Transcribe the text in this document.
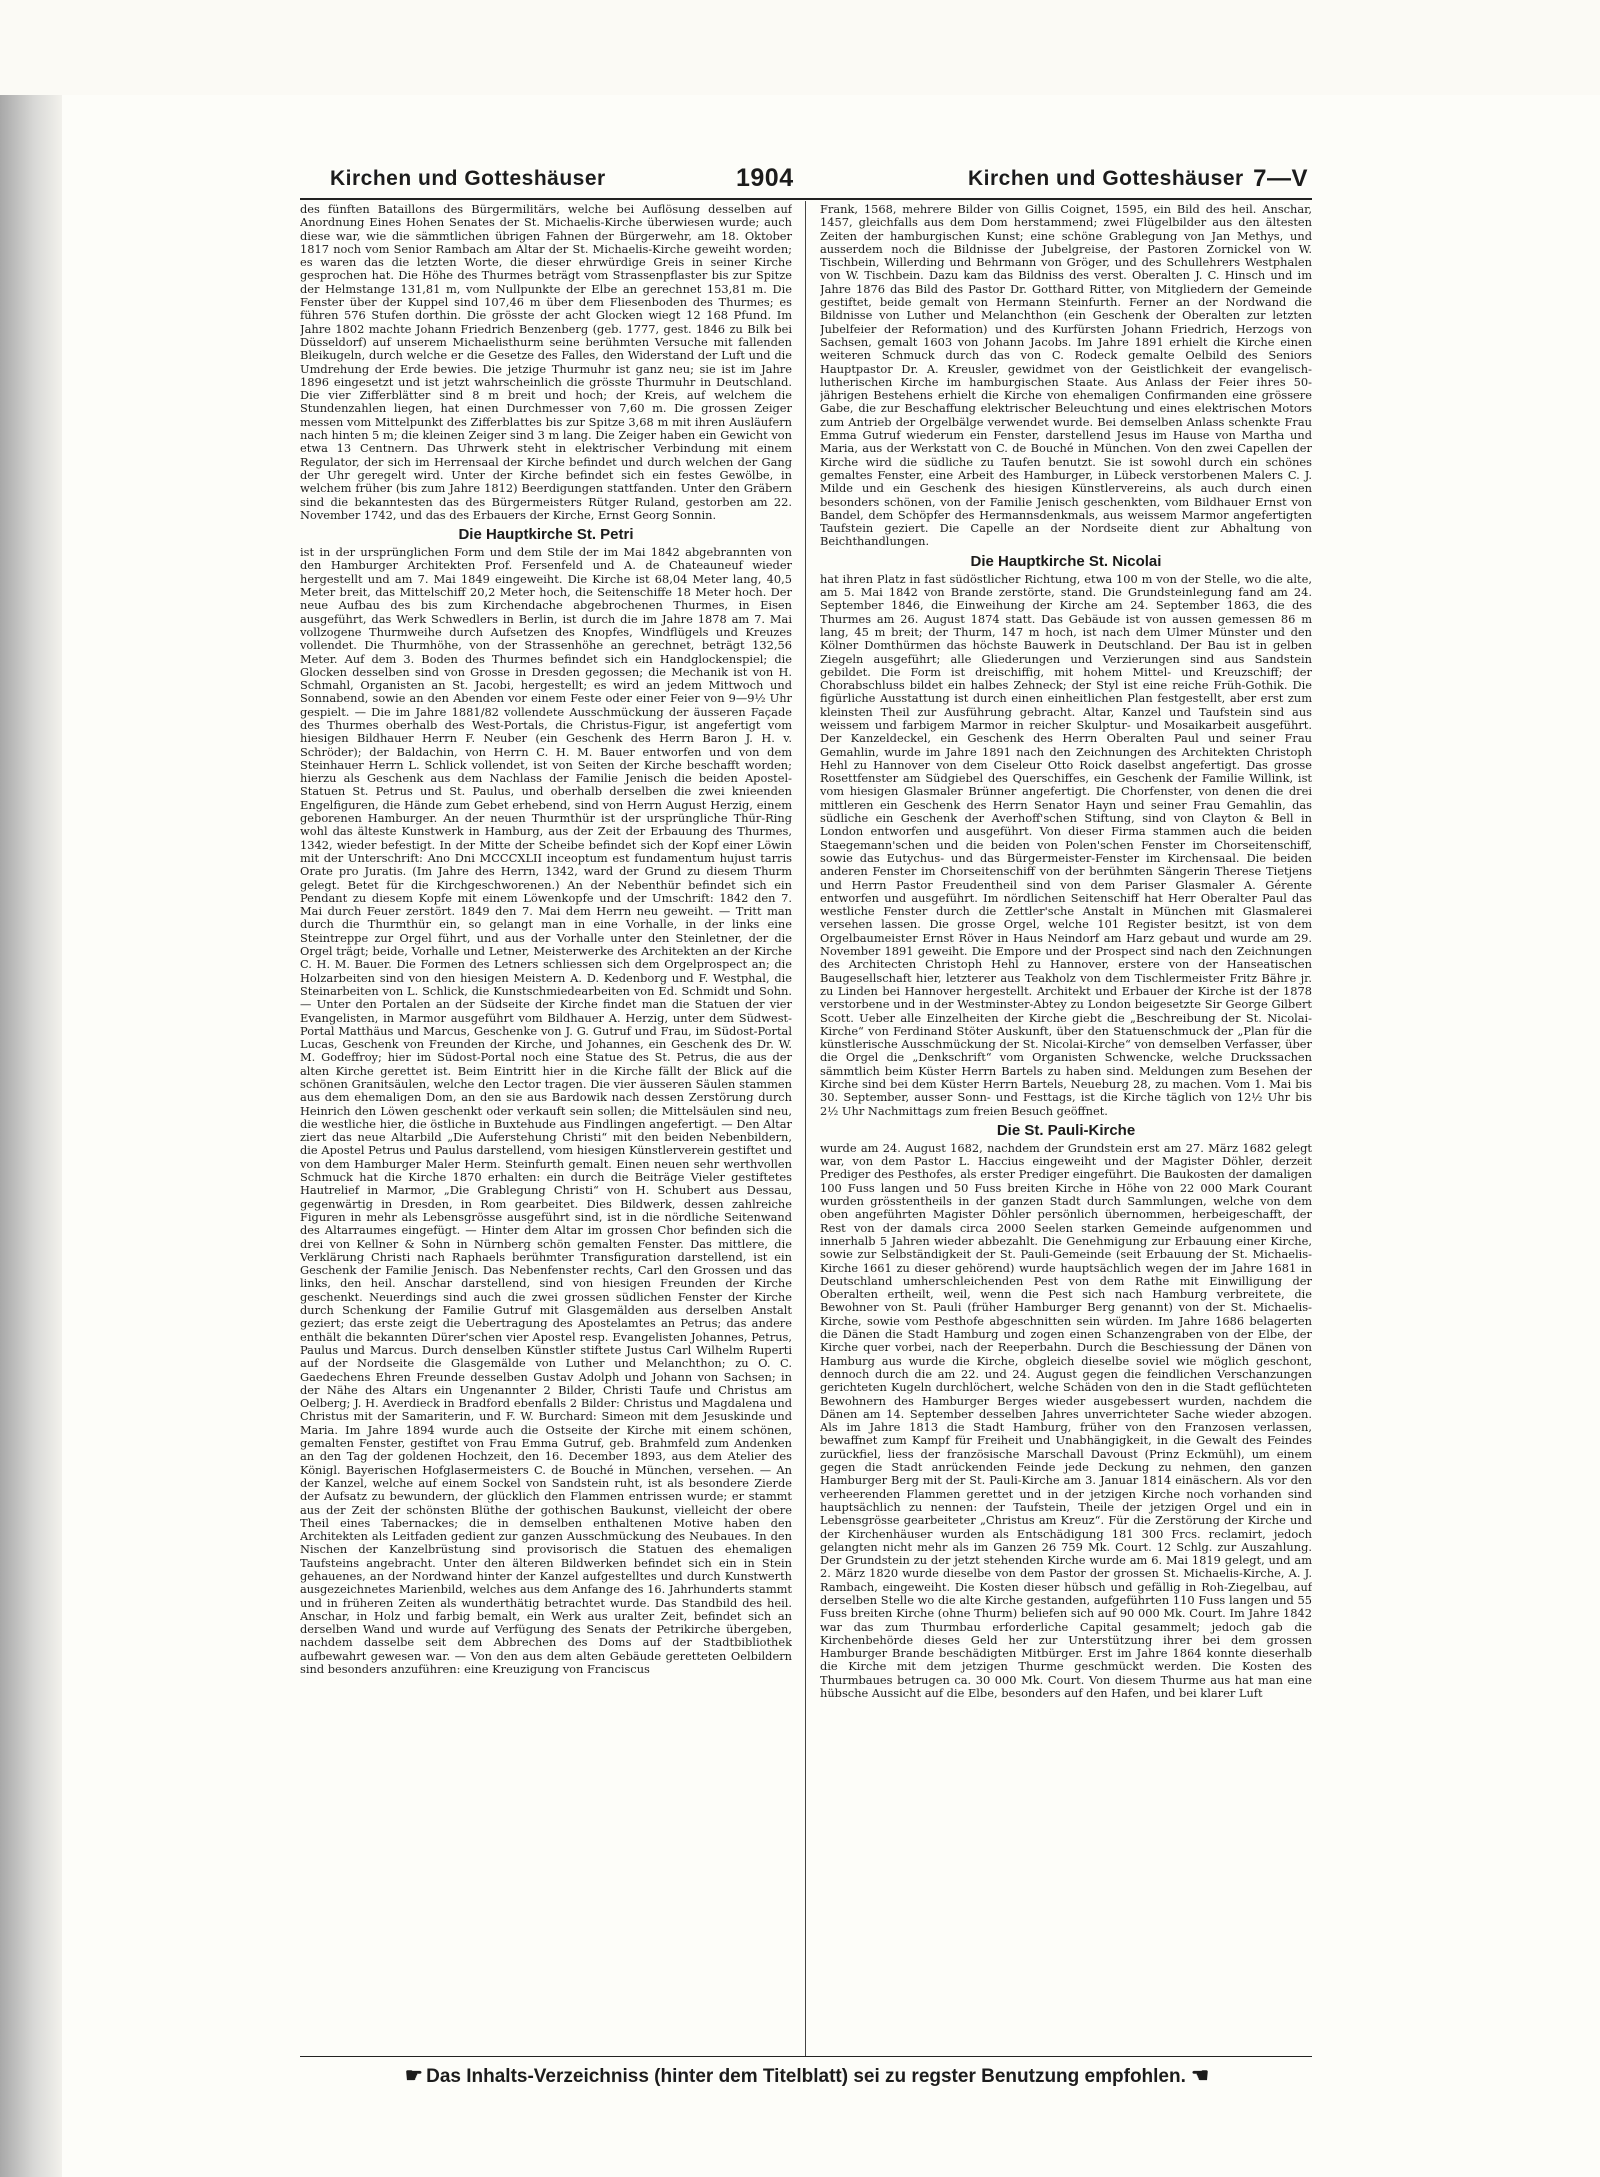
Kirchen und Gotteshäuser	1904	Kirchen und Gotteshäuser 7—V

des fünften Bataillons des Bürgermilitärs, welche bei Auflösung desselben auf Anordnung Eines Hohen Senates der St. Michaelis-Kirche überwiesen wurde; auch diese war, wie die sämmtlichen übrigen Fahnen der Bürgerwehr, am 18. Oktober 1817 noch vom Senior Rambach am Altar der St. Michaelis-Kirche geweiht worden; es waren das die letzten Worte, die dieser ehrwürdige Greis in seiner Kirche gesprochen hat. Die Höhe des Thurmes beträgt vom Strassenpflaster bis zur Spitze der Helmstange 131,81 m, vom Nullpunkte der Elbe an gerechnet 153,81 m. Die Fenster über der Kuppel sind 107,46 m über dem Fliesenboden des Thurmes; es führen 576 Stufen dorthin. Die grösste der acht Glocken wiegt 12 168 Pfund. Im Jahre 1802 machte Johann Friedrich Benzenberg (geb. 1777, gest. 1846 zu Bilk bei Düsseldorf) auf unserem Michaelisthurm seine berühmten Versuche mit fallenden Bleikugeln, durch welche er die Gesetze des Falles, den Widerstand der Luft und die Umdrehung der Erde bewies. Die jetzige Thurmuhr ist ganz neu; sie ist im Jahre 1896 eingesetzt und ist jetzt wahrscheinlich die grösste Thurmuhr in Deutschland. Die vier Zifferblätter sind 8 m breit und hoch; der Kreis, auf welchem die Stundenzahlen liegen, hat einen Durchmesser von 7,60 m. Die grossen Zeiger messen vom Mittelpunkt des Zifferblattes bis zur Spitze 3,68 m mit ihren Ausläufern nach hinten 5 m; die kleinen Zeiger sind 3 m lang. Die Zeiger haben ein Gewicht von etwa 13 Centnern. Das Uhrwerk steht in elektrischer Verbindung mit einem Regulator, der sich im Herrensaal der Kirche befindet und durch welchen der Gang der Uhr geregelt wird. Unter der Kirche befindet sich ein festes Gewölbe, in welchem früher (bis zum Jahre 1812) Beerdigungen stattfanden. Unter den Gräbern sind die bekanntesten das des Bürgermeisters Rütger Ruland, gestorben am 22. November 1742, und das des Erbauers der Kirche, Ernst Georg Sonnin.

Die Hauptkirche St. Petri

ist in der ursprünglichen Form und dem Stile der im Mai 1842 abgebrannten von den Hamburger Architekten Prof. Fersenfeld und A. de Chateauneuf wieder hergestellt und am 7. Mai 1849 eingeweiht. Die Kirche ist 68,04 Meter lang, 40,5 Meter breit, das Mittelschiff 20,2 Meter hoch, die Seitenschiffe 18 Meter hoch. Der neue Aufbau des bis zum Kirchendache abgebrochenen Thurmes, in Eisen ausgeführt, das Werk Schwedlers in Berlin, ist durch die im Jahre 1878 am 7. Mai vollzogene Thurmweihe durch Aufsetzen des Knopfes, Windflügels und Kreuzes vollendet. Die Thurmhöhe, von der Strassenhöhe an gerechnet, beträgt 132,56 Meter. Auf dem 3. Boden des Thurmes befindet sich ein Handglockenspiel; die Glocken desselben sind von Grosse in Dresden gegossen; die Mechanik ist von H. Schmahl, Organisten an St. Jacobi, hergestellt; es wird an jedem Mittwoch und Sonnabend, sowie an den Abenden vor einem Feste oder einer Feier von 9—9½ Uhr gespielt. — Die im Jahre 1881/82 vollendete Ausschmückung der äusseren Façade des Thurmes oberhalb des West-Portals, die Christus-Figur, ist angefertigt vom hiesigen Bildhauer Herrn F. Neuber (ein Geschenk des Herrn Baron J. H. v. Schröder); der Baldachin, von Herrn C. H. M. Bauer entworfen und von dem Steinhauer Herrn L. Schlick vollendet, ist von Seiten der Kirche beschafft worden; hierzu als Geschenk aus dem Nachlass der Familie Jenisch die beiden Apostel-Statuen St. Petrus und St. Paulus, und oberhalb derselben die zwei knieenden Engelfiguren, die Hände zum Gebet erhebend, sind von Herrn August Herzig, einem geborenen Hamburger. An der neuen Thurmthür ist der ursprüngliche Thür-Ring wohl das älteste Kunstwerk in Hamburg, aus der Zeit der Erbauung des Thurmes, 1342, wieder befestigt. In der Mitte der Scheibe befindet sich der Kopf einer Löwin mit der Unterschrift: Ano Dni MCCCXLII inceoptum est fundamentum hujust tarris Orate pro Juratis. (Im Jahre des Herrn, 1342, ward der Grund zu diesem Thurm gelegt. Betet für die Kirchgeschworenen.) An der Nebenthür befindet sich ein Pendant zu diesem Kopfe mit einem Löwenkopfe und der Umschrift: 1842 den 7. Mai durch Feuer zerstört. 1849 den 7. Mai dem Herrn neu geweiht. — Tritt man durch die Thurmthür ein, so gelangt man in eine Vorhalle, in der links eine Steintreppe zur Orgel führt, und aus der Vorhalle unter den Steinletner, der die Orgel trägt; beide, Vorhalle und Letner, Meisterwerke des Architekten an der Kirche C. H. M. Bauer. Die Formen des Letners schliessen sich dem Orgelprospect an; die Holzarbeiten sind von den hiesigen Meistern A. D. Kedenborg und F. Westphal, die Steinarbeiten von L. Schlick, die Kunstschmiedearbeiten von Ed. Schmidt und Sohn. — Unter den Portalen an der Südseite der Kirche findet man die Statuen der vier Evangelisten, in Marmor ausgeführt vom Bildhauer A. Herzig, unter dem Südwest-Portal Matthäus und Marcus, Geschenke von J. G. Gutruf und Frau, im Südost-Portal Lucas, Geschenk von Freunden der Kirche, und Johannes, ein Geschenk des Dr. W. M. Godeffroy; hier im Südost-Portal noch eine Statue des St. Petrus, die aus der alten Kirche gerettet ist. Beim Eintritt hier in die Kirche fällt der Blick auf die schönen Granitsäulen, welche den Lector tragen. Die vier äusseren Säulen stammen aus dem ehemaligen Dom, an den sie aus Bardowik nach dessen Zerstörung durch Heinrich den Löwen geschenkt oder verkauft sein sollen; die Mittelsäulen sind neu, die westliche hier, die östliche in Buxtehude aus Findlingen angefertigt. — Den Altar ziert das neue Altarbild „Die Auferstehung Christi“ mit den beiden Nebenbildern, die Apostel Petrus und Paulus darstellend, vom hiesigen Künstlerverein gestiftet und von dem Hamburger Maler Herm. Steinfurth gemalt. Einen neuen sehr werthvollen Schmuck hat die Kirche 1870 erhalten: ein durch die Beiträge Vieler gestiftetes Hautrelief in Marmor, „Die Grablegung Christi“ von H. Schubert aus Dessau, gegenwärtig in Dresden, in Rom gearbeitet. Dies Bildwerk, dessen zahlreiche Figuren in mehr als Lebensgrösse ausgeführt sind, ist in die nördliche Seitenwand des Altarraumes eingefügt. — Hinter dem Altar im grossen Chor befinden sich die drei von Kellner & Sohn in Nürnberg schön gemalten Fenster. Das mittlere, die Verklärung Christi nach Raphaels berühmter Transfiguration darstellend, ist ein Geschenk der Familie Jenisch. Das Nebenfenster rechts, Carl den Grossen und das links, den heil. Anschar darstellend, sind von hiesigen Freunden der Kirche geschenkt. Neuerdings sind auch die zwei grossen südlichen Fenster der Kirche durch Schenkung der Familie Gutruf mit Glasgemälden aus derselben Anstalt geziert; das erste zeigt die Uebertragung des Apostelamtes an Petrus; das andere enthält die bekannten Dürer'schen vier Apostel resp. Evangelisten Johannes, Petrus, Paulus und Marcus. Durch denselben Künstler stiftete Justus Carl Wilhelm Ruperti auf der Nordseite die Glasgemälde von Luther und Melanchthon; zu O. C. Gaedechens Ehren Freunde desselben Gustav Adolph und Johann von Sachsen; in der Nähe des Altars ein Ungenannter 2 Bilder, Christi Taufe und Christus am Oelberg; J. H. Averdieck in Bradford ebenfalls 2 Bilder: Christus und Magdalena und Christus mit der Samariterin, und F. W. Burchard: Simeon mit dem Jesuskinde und Maria. Im Jahre 1894 wurde auch die Ostseite der Kirche mit einem schönen, gemalten Fenster, gestiftet von Frau Emma Gutruf, geb. Brahmfeld zum Andenken an den Tag der goldenen Hochzeit, den 16. December 1893, aus dem Atelier des Königl. Bayerischen Hofglasermeisters C. de Bouché in München, versehen. — An der Kanzel, welche auf einem Sockel von Sandstein ruht, ist als besondere Zierde der Aufsatz zu bewundern, der glücklich den Flammen entrissen wurde; er stammt aus der Zeit der schönsten Blüthe der gothischen Baukunst, vielleicht der obere Theil eines Tabernackes; die in demselben enthaltenen Motive haben den Architekten als Leitfaden gedient zur ganzen Ausschmückung des Neubaues. In den Nischen der Kanzelbrüstung sind provisorisch die Statuen des ehemaligen Taufsteins angebracht. Unter den älteren Bildwerken befindet sich ein in Stein gehauenes, an der Nordwand hinter der Kanzel aufgestelltes und durch Kunstwerth ausgezeichnetes Marienbild, welches aus dem Anfange des 16. Jahrhunderts stammt und in früheren Zeiten als wunderthätig betrachtet wurde. Das Standbild des heil. Anschar, in Holz und farbig bemalt, ein Werk aus uralter Zeit, befindet sich an derselben Wand und wurde auf Verfügung des Senats der Petrikirche übergeben, nachdem dasselbe seit dem Abbrechen des Doms auf der Stadtbibliothek aufbewahrt gewesen war. — Von den aus dem alten Gebäude geretteten Oelbildern sind besonders anzuführen: eine Kreuzigung von Franciscus

Frank, 1568, mehrere Bilder von Gillis Coignet, 1595, ein Bild des heil. Anschar, 1457, gleichfalls aus dem Dom herstammend; zwei Flügelbilder aus den ältesten Zeiten der hamburgischen Kunst; eine schöne Grablegung von Jan Methys, und ausserdem noch die Bildnisse der Jubelgreise, der Pastoren Zornickel von W. Tischbein, Willerding und Behrmann von Gröger, und des Schullehrers Westphalen von W. Tischbein. Dazu kam das Bildniss des verst. Oberalten J. C. Hinsch und im Jahre 1876 das Bild des Pastor Dr. Gotthard Ritter, von Mitgliedern der Gemeinde gestiftet, beide gemalt von Hermann Steinfurth. Ferner an der Nordwand die Bildnisse von Luther und Melanchthon (ein Geschenk der Oberalten zur letzten Jubelfeier der Reformation) und des Kurfürsten Johann Friedrich, Herzogs von Sachsen, gemalt 1603 von Johann Jacobs. Im Jahre 1891 erhielt die Kirche einen weiteren Schmuck durch das von C. Rodeck gemalte Oelbild des Seniors Hauptpastor Dr. A. Kreusler, gewidmet von der Geistlichkeit der evangelisch-lutherischen Kirche im hamburgischen Staate. Aus Anlass der Feier ihres 50-jährigen Bestehens erhielt die Kirche von ehemaligen Confirmanden eine grössere Gabe, die zur Beschaffung elektrischer Beleuchtung und eines elektrischen Motors zum Antrieb der Orgelbälge verwendet wurde. Bei demselben Anlass schenkte Frau Emma Gutruf wiederum ein Fenster, darstellend Jesus im Hause von Martha und Maria, aus der Werkstatt von C. de Bouché in München. Von den zwei Capellen der Kirche wird die südliche zu Taufen benutzt. Sie ist sowohl durch ein schönes gemaltes Fenster, eine Arbeit des Hamburger, in Lübeck verstorbenen Malers C. J. Milde und ein Geschenk des hiesigen Künstlervereins, als auch durch einen besonders schönen, von der Familie Jenisch geschenkten, vom Bildhauer Ernst von Bandel, dem Schöpfer des Hermannsdenkmals, aus weissem Marmor angefertigten Taufstein geziert. Die Capelle an der Nordseite dient zur Abhaltung von Beichthandlungen.

Die Hauptkirche St. Nicolai

hat ihren Platz in fast südöstlicher Richtung, etwa 100 m von der Stelle, wo die alte, am 5. Mai 1842 von Brande zerstörte, stand. Die Grundsteinlegung fand am 24. September 1846, die Einweihung der Kirche am 24. September 1863, die des Thurmes am 26. August 1874 statt. Das Gebäude ist von aussen gemessen 86 m lang, 45 m breit; der Thurm, 147 m hoch, ist nach dem Ulmer Münster und den Kölner Domthürmen das höchste Bauwerk in Deutschland. Der Bau ist in gelben Ziegeln ausgeführt; alle Gliederungen und Verzierungen sind aus Sandstein gebildet. Die Form ist dreischiffig, mit hohem Mittel- und Kreuzschiff; der Chorabschluss bildet ein halbes Zehneck; der Styl ist eine reiche Früh-Gothik. Die figürliche Ausstattung ist durch einen einheitlichen Plan festgestellt, aber erst zum kleinsten Theil zur Ausführung gebracht. Altar, Kanzel und Taufstein sind aus weissem und farbigem Marmor in reicher Skulptur- und Mosaikarbeit ausgeführt. Der Kanzeldeckel, ein Geschenk des Herrn Oberalten Paul und seiner Frau Gemahlin, wurde im Jahre 1891 nach den Zeichnungen des Architekten Christoph Hehl zu Hannover von dem Ciseleur Otto Roick daselbst angefertigt. Das grosse Rosettfenster am Südgiebel des Querschiffes, ein Geschenk der Familie Willink, ist vom hiesigen Glasmaler Brünner angefertigt. Die Chorfenster, von denen die drei mittleren ein Geschenk des Herrn Senator Hayn und seiner Frau Gemahlin, das südliche ein Geschenk der Averhoff'schen Stiftung, sind von Clayton & Bell in London entworfen und ausgeführt. Von dieser Firma stammen auch die beiden Staegemann'schen und die beiden von Polen'schen Fenster im Chorseitenschiff, sowie das Eutychus- und das Bürgermeister-Fenster im Kirchensaal. Die beiden anderen Fenster im Chorseitenschiff von der berühmten Sängerin Therese Tietjens und Herrn Pastor Freudentheil sind von dem Pariser Glasmaler A. Gérente entworfen und ausgeführt. Im nördlichen Seitenschiff hat Herr Oberalter Paul das westliche Fenster durch die Zettler'sche Anstalt in München mit Glasmalerei versehen lassen. Die grosse Orgel, welche 101 Register besitzt, ist von dem Orgelbaumeister Ernst Röver in Haus Neindorf am Harz gebaut und wurde am 29. November 1891 geweiht. Die Empore und der Prospect sind nach den Zeichnungen des Architecten Christoph Hehl zu Hannover, erstere von der Hanseatischen Baugesellschaft hier, letzterer aus Teakholz von dem Tischlermeister Fritz Bähre jr. zu Linden bei Hannover hergestellt. Architekt und Erbauer der Kirche ist der 1878 verstorbene und in der Westminster-Abtey zu London beigesetzte Sir George Gilbert Scott. Ueber alle Einzelheiten der Kirche giebt die „Beschreibung der St. Nicolai-Kirche“ von Ferdinand Stöter Auskunft, über den Statuenschmuck der „Plan für die künstlerische Ausschmückung der St. Nicolai-Kirche“ von demselben Verfasser, über die Orgel die „Denkschrift“ vom Organisten Schwencke, welche Druckssachen sämmtlich beim Küster Herrn Bartels zu haben sind. Meldungen zum Besehen der Kirche sind bei dem Küster Herrn Bartels, Neueburg 28, zu machen. Vom 1. Mai bis 30. September, ausser Sonn- und Festtags, ist die Kirche täglich von 12½ Uhr bis 2½ Uhr Nachmittags zum freien Besuch geöffnet.

Die St. Pauli-Kirche

wurde am 24. August 1682, nachdem der Grundstein erst am 27. März 1682 gelegt war, von dem Pastor L. Haccius eingeweiht und der Magister Döhler, derzeit Prediger des Pesthofes, als erster Prediger eingeführt. Die Baukosten der damaligen 100 Fuss langen und 50 Fuss breiten Kirche in Höhe von 22 000 Mark Courant wurden grösstentheils in der ganzen Stadt durch Sammlungen, welche von dem oben angeführten Magister Döhler persönlich übernommen, herbeigeschafft, der Rest von der damals circa 2000 Seelen starken Gemeinde aufgenommen und innerhalb 5 Jahren wieder abbezahlt. Die Genehmigung zur Erbauung einer Kirche, sowie zur Selbständigkeit der St. Pauli-Gemeinde (seit Erbauung der St. Michaelis-Kirche 1661 zu dieser gehörend) wurde hauptsächlich wegen der im Jahre 1681 in Deutschland umherschleichenden Pest von dem Rathe mit Einwilligung der Oberalten ertheilt, weil, wenn die Pest sich nach Hamburg verbreitete, die Bewohner von St. Pauli (früher Hamburger Berg genannt) von der St. Michaelis-Kirche, sowie vom Pesthofe abgeschnitten sein würden. Im Jahre 1686 belagerten die Dänen die Stadt Hamburg und zogen einen Schanzengraben von der Elbe, der Kirche quer vorbei, nach der Reeperbahn. Durch die Beschiessung der Dänen von Hamburg aus wurde die Kirche, obgleich dieselbe soviel wie möglich geschont, dennoch durch die am 22. und 24. August gegen die feindlichen Verschanzungen gerichteten Kugeln durchlöchert, welche Schäden von den in die Stadt geflüchteten Bewohnern des Hamburger Berges wieder ausgebessert wurden, nachdem die Dänen am 14. September desselben Jahres unverrichteter Sache wieder abzogen. Als im Jahre 1813 die Stadt Hamburg, früher von den Franzosen verlassen, bewaffnet zum Kampf für Freiheit und Unabhängigkeit, in die Gewalt des Feindes zurückfiel, liess der französische Marschall Davoust (Prinz Eckmühl), um einem gegen die Stadt anrückenden Feinde jede Deckung zu nehmen, den ganzen Hamburger Berg mit der St. Pauli-Kirche am 3. Januar 1814 einäschern. Als vor den verheerenden Flammen gerettet und in der jetzigen Kirche noch vorhanden sind hauptsächlich zu nennen: der Taufstein, Theile der jetzigen Orgel und ein in Lebensgrösse gearbeiteter „Christus am Kreuz“. Für die Zerstörung der Kirche und der Kirchenhäuser wurden als Entschädigung 181 300 Frcs. reclamirt, jedoch gelangten nicht mehr als im Ganzen 26 759 Mk. Court. 12 Schlg. zur Auszahlung. Der Grundstein zu der jetzt stehenden Kirche wurde am 6. Mai 1819 gelegt, und am 2. März 1820 wurde dieselbe von dem Pastor der grossen St. Michaelis-Kirche, A. J. Rambach, eingeweiht. Die Kosten dieser hübsch und gefällig in Roh-Ziegelbau, auf derselben Stelle wo die alte Kirche gestanden, aufgeführten 110 Fuss langen und 55 Fuss breiten Kirche (ohne Thurm) beliefen sich auf 90 000 Mk. Court. Im Jahre 1842 war das zum Thurmbau erforderliche Capital gesammelt; jedoch gab die Kirchenbehörde dieses Geld her zur Unterstützung ihrer bei dem grossen Hamburger Brande beschädigten Mitbürger. Erst im Jahre 1864 konnte dieserhalb die Kirche mit dem jetzigen Thurme geschmückt werden. Die Kosten des Thurmbaues betrugen ca. 30 000 Mk. Court. Von diesem Thurme aus hat man eine hübsche Aussicht auf die Elbe, besonders auf den Hafen, und bei klarer Luft

☛ Das Inhalts-Verzeichniss (hinter dem Titelblatt) sei zu regster Benutzung empfohlen. ☚
